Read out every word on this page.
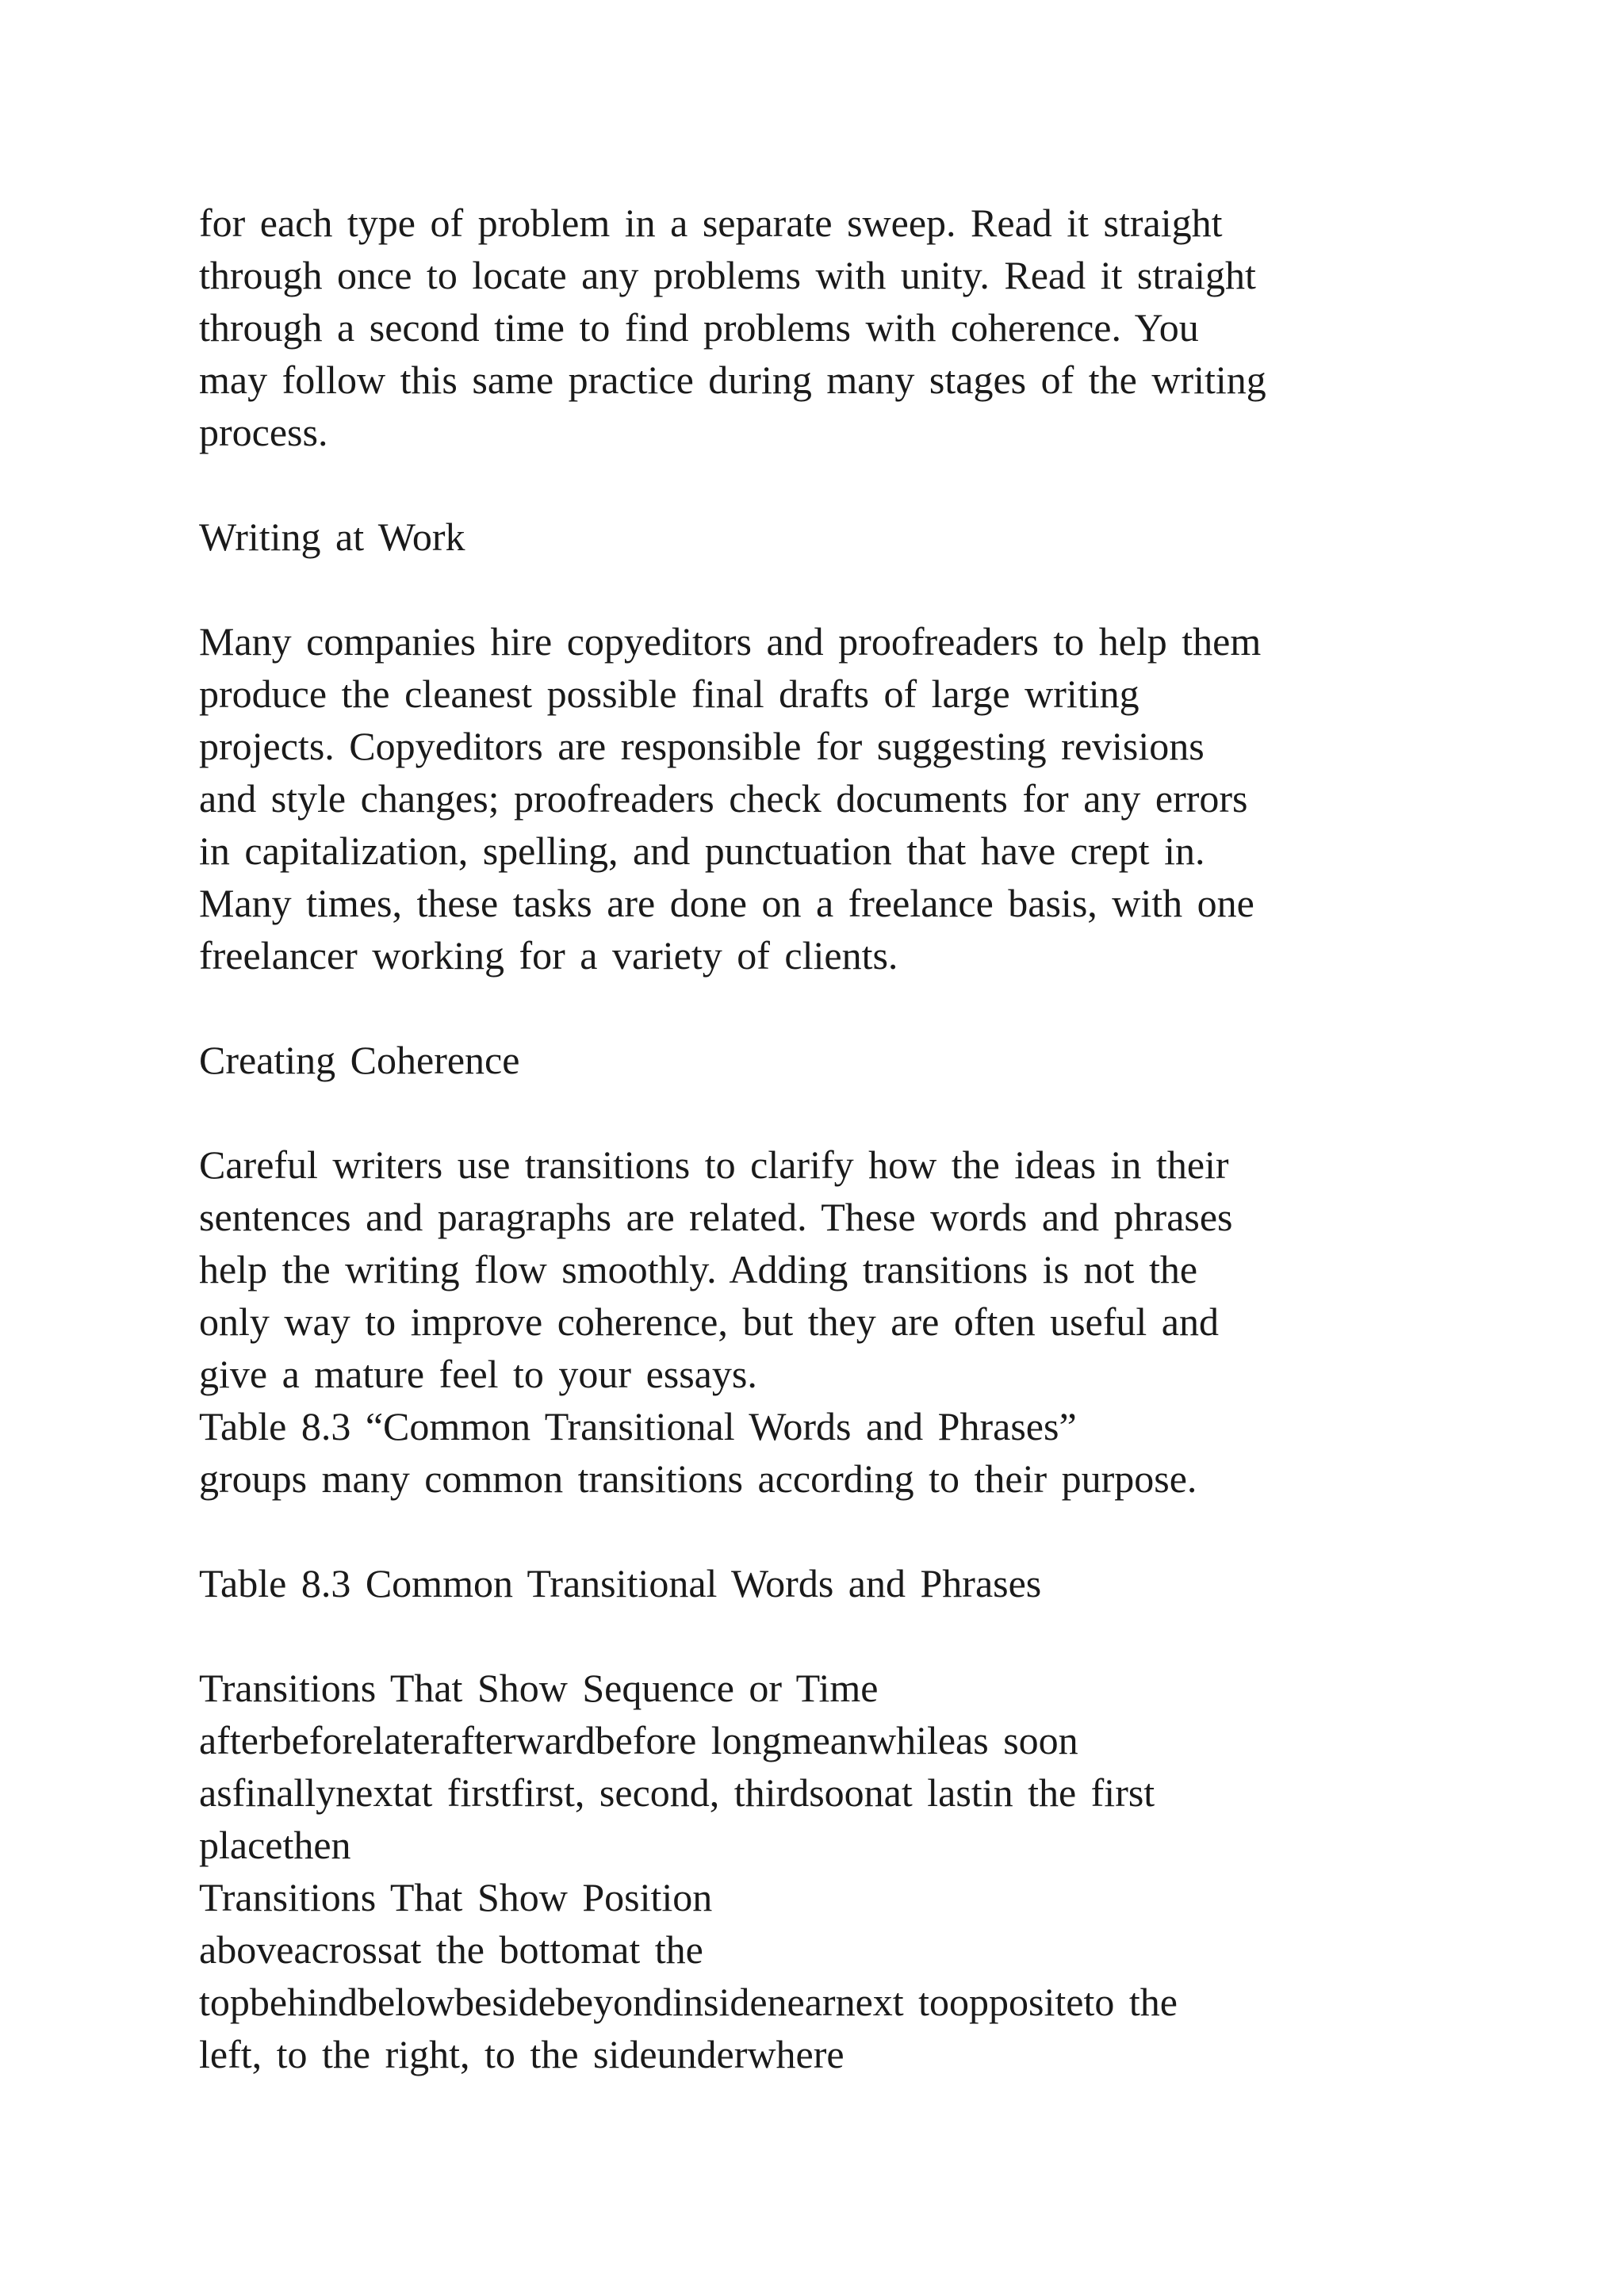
for each type of problem in a separate sweep. Read it straight

through once to locate any problems with unity. Read it straight

through a second time to find problems with coherence. You

may follow this same practice during many stages of the writing

process.

Writing at Work

Many companies hire copyeditors and proofreaders to help them

produce the cleanest possible final drafts of large writing

projects. Copyeditors are responsible for suggesting revisions

and style changes; proofreaders check documents for any errors

in capitalization, spelling, and punctuation that have crept in.

Many times, these tasks are done on a freelance basis, with one

freelancer working for a variety of clients.

Creating Coherence

Careful writers use transitions to clarify how the ideas in their

sentences and paragraphs are related. These words and phrases

help the writing flow smoothly. Adding transitions is not the

only way to improve coherence, but they are often useful and

give a mature feel to your essays.

Table 8.3 “Common Transitional Words and Phrases”

groups many common transitions according to their purpose.

Table 8.3 Common Transitional Words and Phrases

Transitions That Show Sequence or Time

afterbeforelaterafterwardbefore longmeanwhileas soon

asfinallynextat firstfirst, second, thirdsoonat lastin the first

placethen

Transitions That Show Position

aboveacrossat the bottomat the

topbehindbelowbesidebeyondinsidenearnext tooppositeto the

left, to the right, to the sideunderwhere
